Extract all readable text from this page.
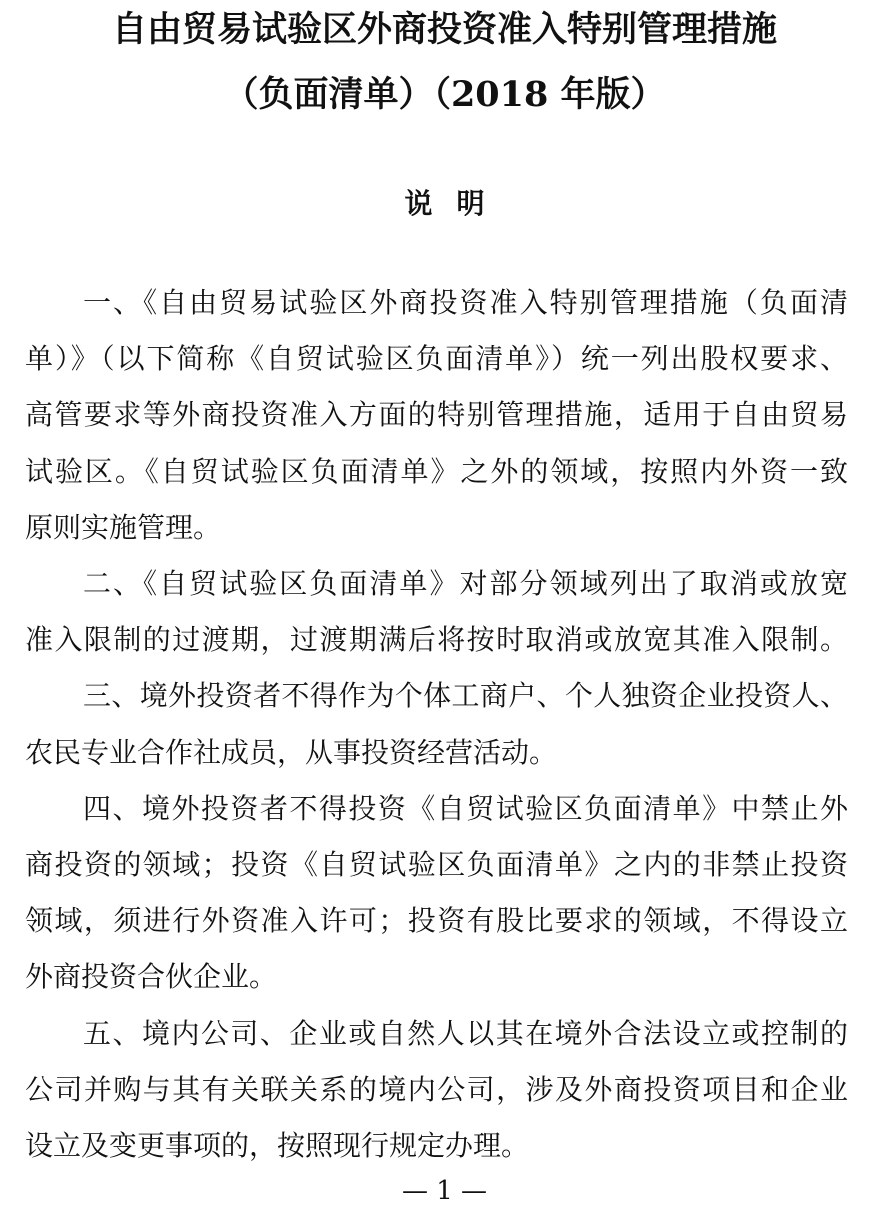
自由贸易试验区外商投资准入特别管理措施
（负面清单）（2018 年版）
说明
一、《自由贸易试验区外商投资准入特别管理措施（负面清
单）》（以下简称《自贸试验区负面清单》）统一列出股权要求、
高管要求等外商投资准入方面的特别管理措施，适用于自由贸易
试验区。《自贸试验区负面清单》之外的领域，按照内外资一致
原则实施管理。
二、《自贸试验区负面清单》对部分领域列出了取消或放宽
准入限制的过渡期，过渡期满后将按时取消或放宽其准入限制。
三、境外投资者不得作为个体工商户、个人独资企业投资人、
农民专业合作社成员，从事投资经营活动。
四、境外投资者不得投资《自贸试验区负面清单》中禁止外
商投资的领域；投资《自贸试验区负面清单》之内的非禁止投资
领域，须进行外资准入许可；投资有股比要求的领域，不得设立
外商投资合伙企业。
五、境内公司、企业或自然人以其在境外合法设立或控制的
公司并购与其有关联关系的境内公司，涉及外商投资项目和企业
设立及变更事项的，按照现行规定办理。
— 1 —
